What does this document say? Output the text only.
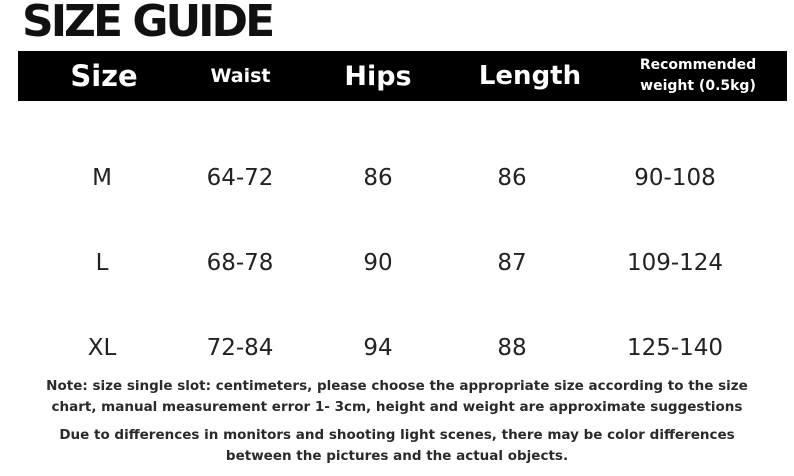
SIZE GUIDE
Size	Waist	Hips	Length	Recommended
weight (0.5kg)
M	64-72	86	86	90-108
L	68-78	90	87	109-124
XL	72-84	94	88	125-140

Note: size single slot: centimeters, please choose the appropriate size according to the size

chart, manual measurement error 1- 3cm, height and weight are approximate suggestions

Due to differences in monitors and shooting light scenes, there may be color differences

between the pictures and the actual objects.
